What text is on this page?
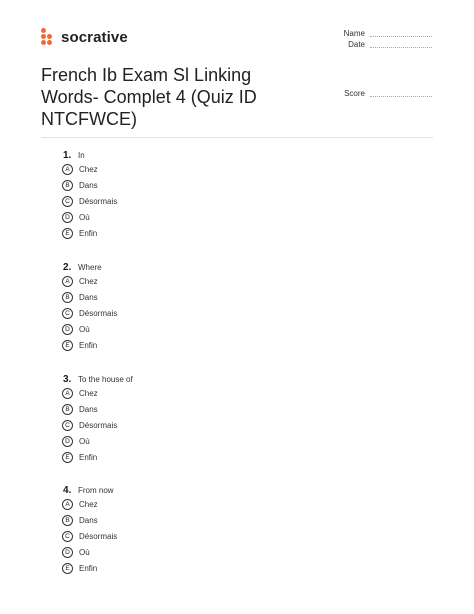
socrative	Name
Date
Score
French Ib Exam Sl Linking Words- Complet 4 (Quiz ID NTCFWCE)
1. In
A	Chez
B	Dans
C	Désormais
D	Où
E	Enfin
2. Where
A	Chez
B	Dans
C	Désormais
D	Où
E	Enfin
3. To the house of
A	Chez
B	Dans
C	Désormais
D	Où
E	Enfin
4. From now
A	Chez
B	Dans
C	Désormais
D	Où
E	Enfin
